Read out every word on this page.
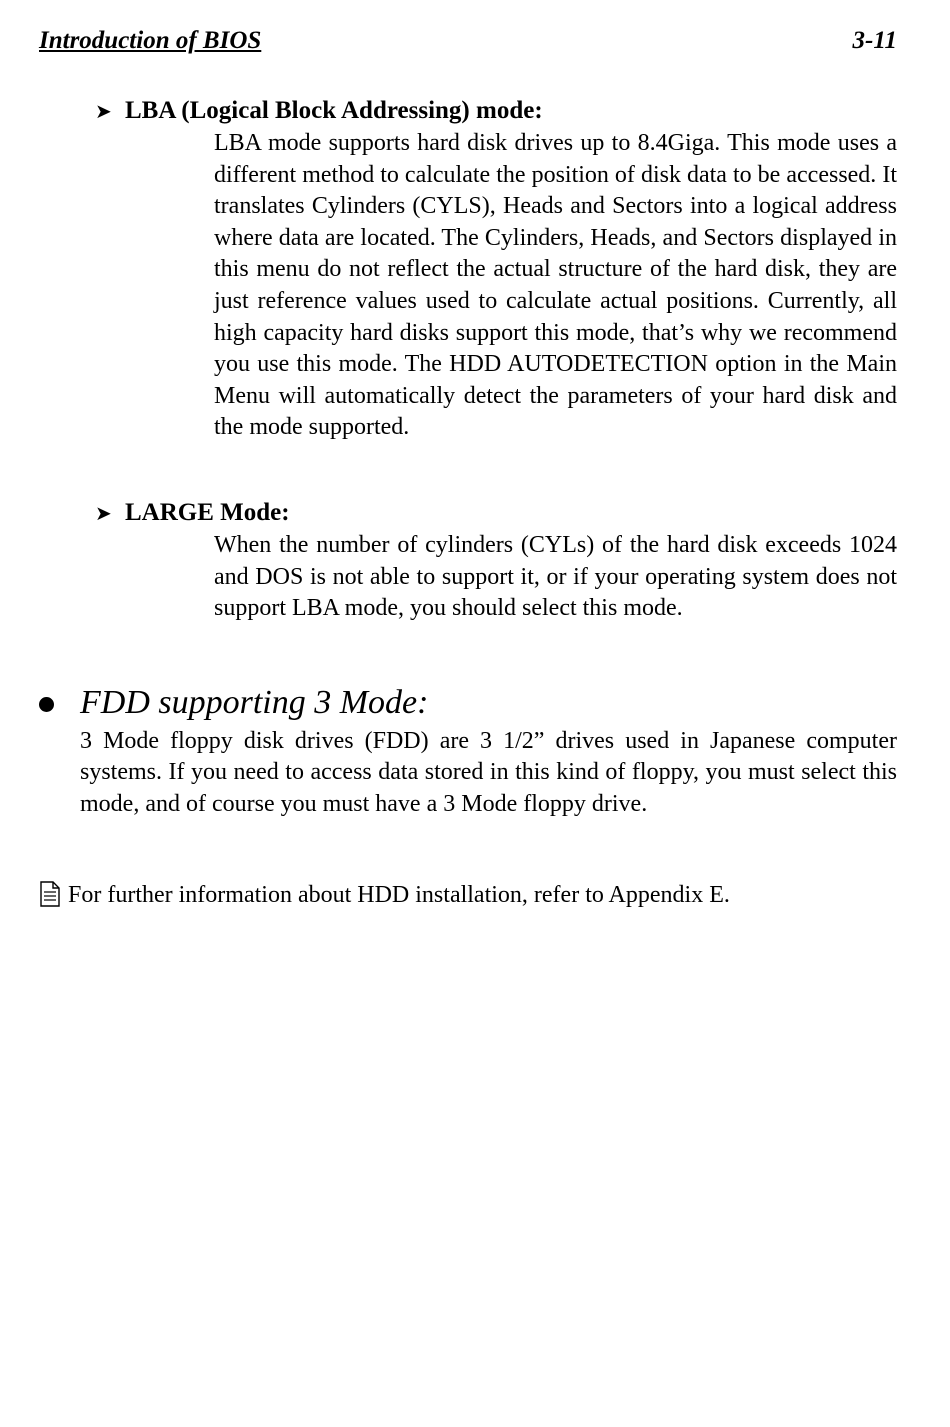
Introduction of BIOS	3-11
➤ LBA (Logical Block Addressing) mode:
LBA mode supports hard disk drives up to 8.4Giga. This mode uses a different method to calculate the position of disk data to be accessed. It translates Cylinders (CYLS), Heads and Sectors into a logical address where data are located. The Cylinders, Heads, and Sectors displayed in this menu do not reflect the actual structure of the hard disk, they are just reference values used to calculate actual positions. Currently, all high capacity hard disks support this mode, that’s why we recommend you use this mode. The HDD AUTODETECTION option in the Main Menu will automatically detect the parameters of your hard disk and the mode supported.
➤ LARGE Mode:
When the number of cylinders (CYLs) of the hard disk exceeds 1024 and DOS is not able to support it, or if your operating system does not support LBA mode, you should select this mode.
FDD supporting 3 Mode:
3 Mode floppy disk drives (FDD) are 3 1/2” drives used in Japanese computer systems. If you need to access data stored in this kind of floppy, you must select this mode, and of course you must have a 3 Mode floppy drive.
For further information about HDD installation, refer to Appendix E.
